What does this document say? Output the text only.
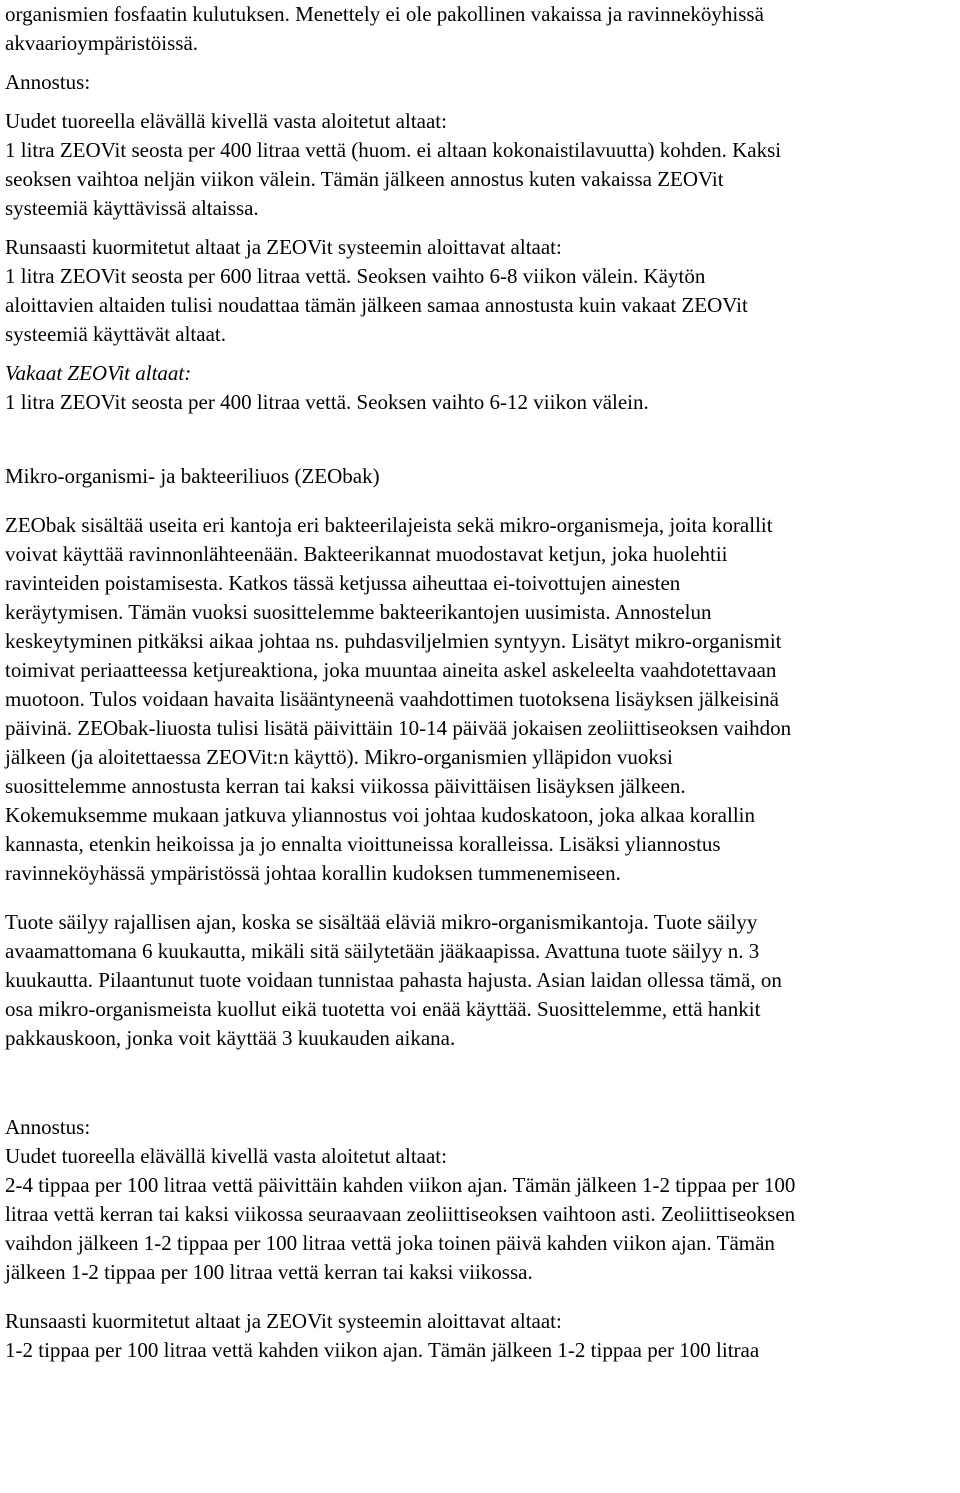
organismien fosfaatin kulutuksen. Menettely ei ole pakollinen vakaissa ja ravinneköyhissä
akvaarioympäristöissä.
Annostus:
Uudet tuoreella elävällä kivellä vasta aloitetut altaat:
1 litra ZEOVit seosta per 400 litraa vettä (huom. ei altaan kokonaistilavuutta) kohden. Kaksi
seoksen vaihtoa neljän viikon välein. Tämän jälkeen annostus kuten vakaissa ZEOVit
systeemiä käyttävissä altaissa.
Runsaasti kuormitetut altaat ja ZEOVit systeemin aloittavat altaat:
1 litra ZEOVit seosta per 600 litraa vettä. Seoksen vaihto 6-8 viikon välein. Käytön
aloittavien altaiden tulisi noudattaa tämän jälkeen samaa annostusta kuin vakaat ZEOVit
systeemiä käyttävät altaat.
Vakaat ZEOVit altaat:
1 litra ZEOVit seosta per 400 litraa vettä. Seoksen vaihto 6-12 viikon välein.
Mikro-organismi- ja bakteeriliuos (ZEObak)
ZEObak sisältää useita eri kantoja eri bakteerilajeista sekä mikro-organismeja, joita korallit
voivat käyttää ravinnonlähteenään. Bakteerikannat muodostavat ketjun, joka huolehtii
ravinteiden poistamisesta. Katkos tässä ketjussa aiheuttaa ei-toivottujen ainesten
keräytymisen. Tämän vuoksi suosittelemme bakteerikantojen uusimista. Annostelun
keskeytyminen pitkäksi aikaa johtaa ns. puhdasviljelmien syntyyn. Lisätyt mikro-organismit
toimivat periaatteessa ketjureaktiona, joka muuntaa aineita askel askeleelta vaahdotettavaan
muotoon. Tulos voidaan havaita lisääntyneenä vaahdottimen tuotoksena lisäyksen jälkeisinä
päivinä. ZEObak-liuosta tulisi lisätä päivittäin 10-14 päivää jokaisen zeoliittiseoksen vaihdon
jälkeen (ja aloitettaessa ZEOVit:n käyttö). Mikro-organismien ylläpidon vuoksi
suosittelemme annostusta kerran tai kaksi viikossa päivittäisen lisäyksen jälkeen.
Kokemuksemme mukaan jatkuva yliannostus voi johtaa kudoskatoon, joka alkaa korallin
kannasta, etenkin heikoissa ja jo ennalta vioittuneissa koralleissa. Lisäksi yliannostus
ravinneköyhässä ympäristössä johtaa korallin kudoksen tummenemiseen.
Tuote säilyy rajallisen ajan, koska se sisältää eläviä mikro-organismikantoja. Tuote säilyy
avaamattomana 6 kuukautta, mikäli sitä säilytetään jääkaapissa. Avattuna tuote säilyy n. 3
kuukautta. Pilaantunut tuote voidaan tunnistaa pahasta hajusta. Asian laidan ollessa tämä, on
osa mikro-organismeista kuollut eikä tuotetta voi enää käyttää. Suosittelemme, että hankit
pakkauskoon, jonka voit käyttää 3 kuukauden aikana.
Annostus:
Uudet tuoreella elävällä kivellä vasta aloitetut altaat:
2-4 tippaa per 100 litraa vettä päivittäin kahden viikon ajan. Tämän jälkeen 1-2 tippaa per 100
litraa vettä kerran tai kaksi viikossa seuraavaan zeoliittiseoksen vaihtoon asti. Zeoliittiseoksen
vaihdon jälkeen 1-2 tippaa per 100 litraa vettä joka toinen päivä kahden viikon ajan. Tämän
jälkeen 1-2 tippaa per 100 litraa vettä kerran tai kaksi viikossa.
Runsaasti kuormitetut altaat ja ZEOVit systeemin aloittavat altaat:
1-2 tippaa per 100 litraa vettä kahden viikon ajan. Tämän jälkeen 1-2 tippaa per 100 litraa
